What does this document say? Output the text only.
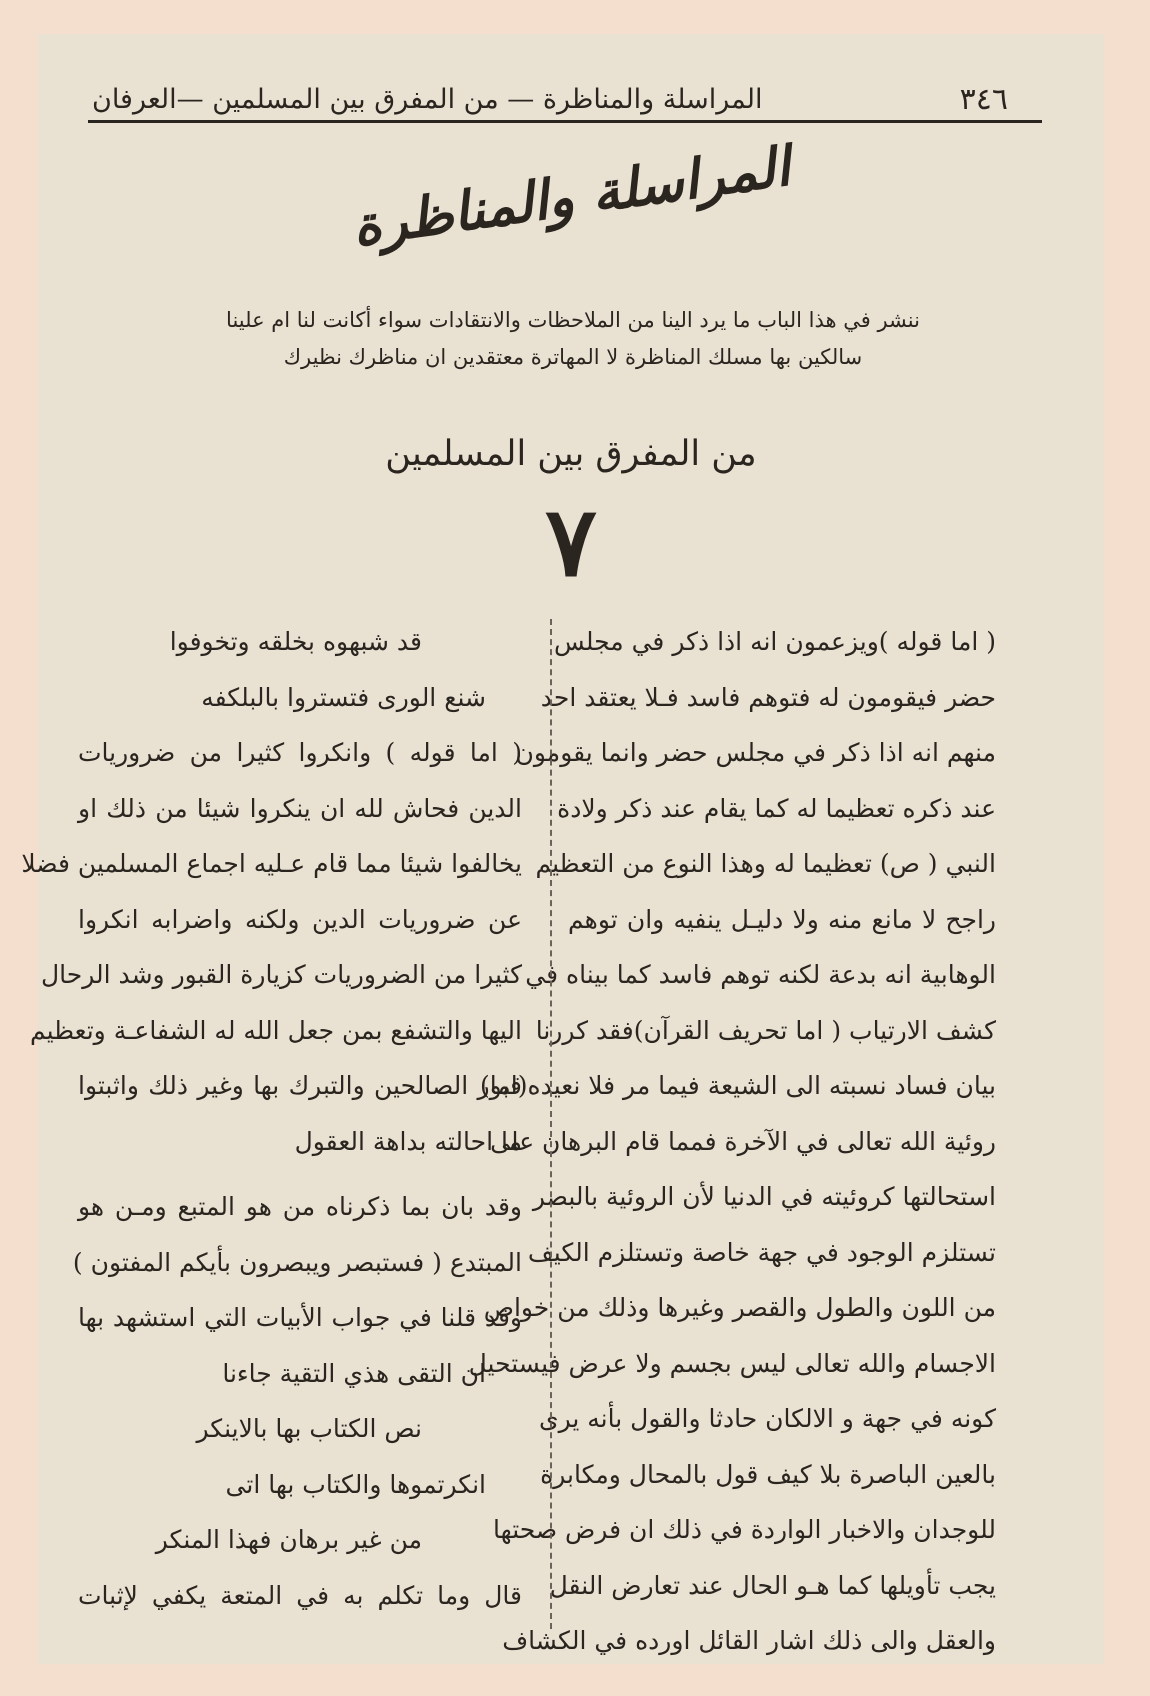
٣٤٦
المراسلة والمناظرة — من المفرق بين المسلمين —العرفان
المراسلة والمناظرة
ننشر في هذا الباب ما يرد الينا من الملاحظات والانتقادات سواء أكانت لنا ام علينا
سالكين بها مسلك المناظرة لا المهاترة معتقدين ان مناظرك نظيرك
من المفرق بين المسلمين
٧

( اما قوله )ويزعمون انه اذا ذكر في مجلس

حضر فيقومون له فتوهم فاسد فـلا يعتقد احد

منهم انه اذا ذكر في مجلس حضر وانما يقومون

عند ذكره تعظيما له كما يقام عند ذكر ولادة

النبي ( ص) تعظيما له وهذا النوع من التعظيم

راجح لا مانع منه ولا دليـل ينفيه وان توهم

الوهابية انه بدعة لكنه توهم فاسد كما بيناه في

كشف الارتياب ( اما تحريف القرآن)فقد كررنا

بيان فساد نسبته الى الشيعة فيما مر فلا نعيده(اما)

روئية الله تعالى في الآخرة فمما قام البرهان على

استحالتها كروئيته في الدنيا لأن الروئية بالبصر

تستلزم الوجود في جهة خاصة وتستلزم الكيف

من اللون والطول والقصر وغيرها وذلك من خواص

الاجسام والله تعالى ليس بجسم ولا عرض فيستحيل

كونه في جهة و الالكان حادثا والقول بأنه يرى

بالعين الباصرة بلا كيف قول بالمحال ومكابرة

للوجدان والاخبار الواردة في ذلك ان فرض صحتها

يجب تأويلها كما هـو الحال عند تعارض النقل

والعقل والى ذلك اشار القائل اورده في الكشاف

قد شبهوه بخلقه وتخوفوا

شنع الورى فتستروا بالبلكفه

( اما قوله ) وانكروا كثيرا من ضروريات

الدين فحاش لله ان ينكروا شيئا من ذلك او

يخالفوا شيئا مما قام عـليه اجماع المسلمين فضلا

عن ضروريات الدين ولكنه واضرابه انكروا

كثيرا من الضروريات كزيارة القبور وشد الرحال

اليها والتشفع بمن جعل الله له الشفاعـة وتعظيم

قبور الصالحين والتبرك بها وغير ذلك واثبتوا

ما احالته بداهة العقول

وقد بان بما ذكرناه من هو المتبع ومـن هو

المبتدع ( فستبصر ويبصرون بأيكم المفتون )

وقد قلنا في جواب الأبيات التي استشهد بها

ان التقى هذي التقية جاءنا

نص الكتاب بها بالاينكر

انكرتموها والكتاب بها اتى

من غير برهان فهذا المنكر

قال وما تكلم به في المتعة يكفي لإثبات
